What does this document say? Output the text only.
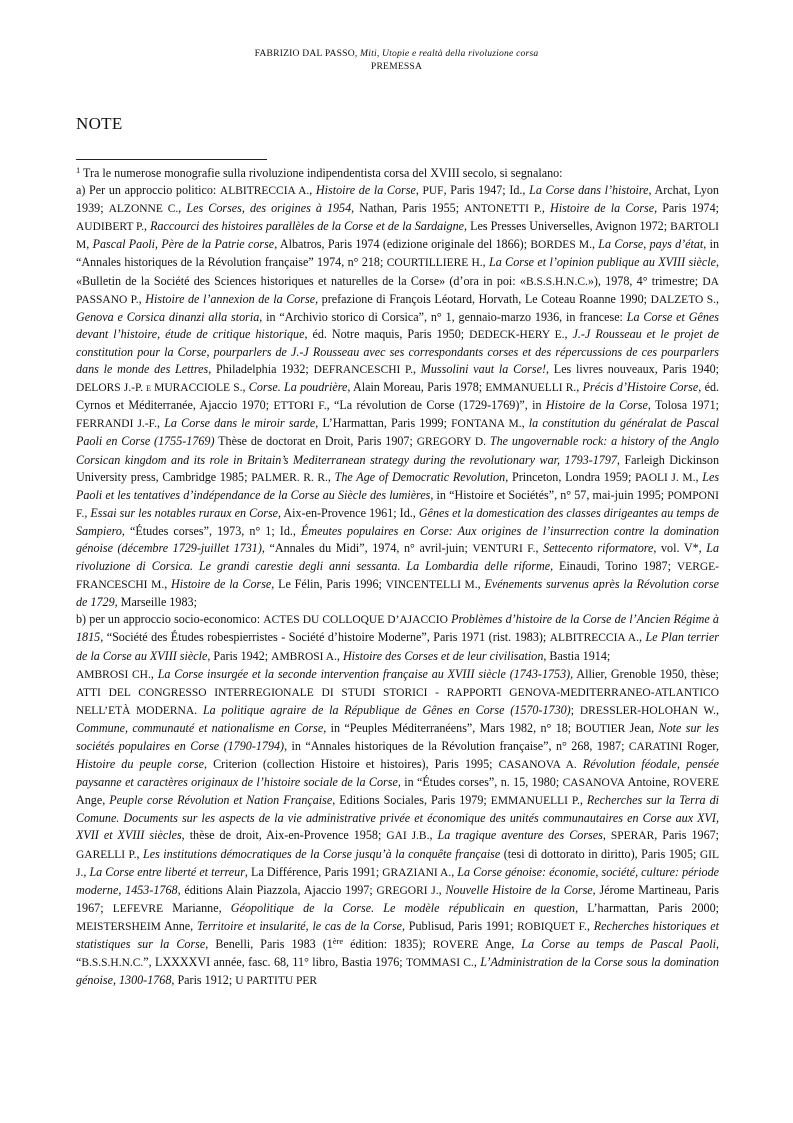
FABRIZIO DAL PASSO, Miti, Utopie e realtà della rivoluzione corsa
PREMESSA
NOTE

$^1$ Tra le numerose monografie sulla rivoluzione indipendentista corsa del XVIII secolo, si segnalano:

a) Per un approccio politico: ALBITRECCIA A., Histoire de la Corse, PUF, Paris 1947; Id., La Corse dans l’histoire, Archat, Lyon 1939; ALZONNE C., Les Corses, des origines à 1954, Nathan, Paris 1955; ANTONETTI P., Histoire de la Corse, Paris 1974; AUDIBERT P., Raccourci des histoires parallèles de la Corse et de la Sardaigne, Les Presses Universelles, Avignon 1972; BARTOLI M, Pascal Paoli, Père de la Patrie corse, Albatros, Paris 1974 (edizione originale del 1866); BORDES M., La Corse, pays d’état, in “Annales historiques de la Révolution française” 1974, n° 218; COURTILLIERE H., La Corse et l’opinion publique au XVIII siècle, «Bulletin de la Société des Sciences historiques et naturelles de la Corse» (d’ora in poi: «B.S.S.H.N.C.»), 1978, 4° trimestre; DA PASSANO P., Histoire de l’annexion de la Corse, prefazione di François Léotard, Horvath, Le Coteau Roanne 1990; DALZETO S., Genova e Corsica dinanzi alla storia, in “Archivio storico di Corsica”, n° 1, gennaio-marzo 1936, in francese: La Corse et Gênes devant l’histoire, étude de critique historique, éd. Notre maquis, Paris 1950; DEDECK-HERY E., J.-J Rousseau et le projet de constitution pour la Corse, pourparlers de J.-J Rousseau avec ses correspondants corses et des répercussions de ces pourparlers dans le monde des Lettres, Philadelphia 1932; DEFRANCESCHI P., Mussolini vaut la Corse!, Les livres nouveaux, Paris 1940; DELORS J.-P. e MURACCIOLE S., Corse. La poudrière, Alain Moreau, Paris 1978; EMMANUELLI R., Précis d’Histoire Corse, éd. Cyrnos et Méditerranée, Ajaccio 1970; ETTORI F., “La révolution de Corse (1729-1769)”, in Histoire de la Corse, Tolosa 1971; FERRANDI J.-F., La Corse dans le miroir sarde, L’Harmattan, Paris 1999; FONTANA M., la constitution du généralat de Pascal Paoli en Corse (1755-1769) Thèse de doctorat en Droit, Paris 1907; GREGORY D. The ungovernable rock: a history of the Anglo Corsican kingdom and its role in Britain’s Mediterranean strategy during the revolutionary war, 1793-1797, Farleigh Dickinson University press, Cambridge 1985; PALMER. R. R., The Age of Democratic Revolution, Princeton, Londra 1959; PAOLI J. M., Les Paoli et les tentatives d’indépendance de la Corse au Siècle des lumières, in “Histoire et Sociétés”, n° 57, mai-juin 1995; POMPONI F., Essai sur les notables ruraux en Corse, Aix-en-Provence 1961; Id., Gênes et la domestication des classes dirigeantes au temps de Sampiero, “Études corses”, 1973, n° 1; Id., Émeutes populaires en Corse: Aux origines de l’insurrection contre la domination génoise (décembre 1729-juillet 1731), “Annales du Midi”, 1974, n° avril-juin; VENTURI F., Settecento riformatore, vol. V*, La rivoluzione di Corsica. Le grandi carestie degli anni sessanta. La Lombardia delle riforme, Einaudi, Torino 1987; VERGE-FRANCESCHI M., Histoire de la Corse, Le Félin, Paris 1996; VINCENTELLI M., Evénements survenus après la Révolution corse de 1729, Marseille 1983;

b) per un approccio socio-economico: ACTES DU COLLOQUE D’AJACCIO Problèmes d’histoire de la Corse de l’Ancien Régime à 1815, “Société des Études robespierristes - Société d’histoire Moderne”, Paris 1971 (rist. 1983); ALBITRECCIA A., Le Plan terrier de la Corse au XVIII siècle, Paris 1942; AMBROSI A., Histoire des Corses et de leur civilisation, Bastia 1914;

AMBROSI CH., La Corse insurgée et la seconde intervention française au XVIII siècle (1743-1753), Allier, Grenoble 1950, thèse; ATTI DEL CONGRESSO INTERREGIONALE DI STUDI STORICI - RAPPORTI GENOVA-MEDITERRANEO-ATLANTICO NELL’ETÀ MODERNA. La politique agraire de la République de Gênes en Corse (1570-1730); DRESSLER-HOLOHAN W., Commune, communauté et nationalisme en Corse, in “Peuples Méditerranéens”, Mars 1982, n° 18; BOUTIER Jean, Note sur les sociétés populaires en Corse (1790-1794), in “Annales historiques de la Révolution française”, n° 268, 1987; CARATINI Roger, Histoire du peuple corse, Criterion (collection Histoire et histoires), Paris 1995; CASANOVA A. Révolution féodale, pensée paysanne et caractères originaux de l’histoire sociale de la Corse, in “Études corses”, n. 15, 1980; CASANOVA Antoine, ROVERE Ange, Peuple corse Révolution et Nation Française, Editions Sociales, Paris 1979; EMMANUELLI P., Recherches sur la Terra di Comune. Documents sur les aspects de la vie administrative privée et économique des unités communautaires en Corse aux XVI, XVII et XVIII siècles, thèse de droit, Aix-en-Provence 1958; GAI J.B., La tragique aventure des Corses, SPERAR, Paris 1967; GARELLI P., Les institutions démocratiques de la Corse jusqu’à la conquête française (tesi di dottorato in diritto), Paris 1905; GIL J., La Corse entre liberté et terreur, La Différence, Paris 1991; GRAZIANI A., La Corse génoise: économie, société, culture: période moderne, 1453-1768, éditions Alain Piazzola, Ajaccio 1997; GREGORI J., Nouvelle Histoire de la Corse, Jérome Martineau, Paris 1967; LEFEVRE Marianne, Géopolitique de la Corse. Le modèle républicain en question, L’harmattan, Paris 2000; MEISTERSHEIM Anne, Territoire et insularité, le cas de la Corse, Publisud, Paris 1991; ROBIQUET F., Recherches historiques et statistiques sur la Corse, Benelli, Paris 1983 (1ère édition: 1835); ROVERE Ange, La Corse au temps de Pascal Paoli, “B.S.S.H.N.C.”, LXXXXVI année, fasc. 68, 11° libro, Bastia 1976; TOMMASI C., L’Administration de la Corse sous la domination génoise, 1300-1768, Paris 1912; U PARTITU PER
